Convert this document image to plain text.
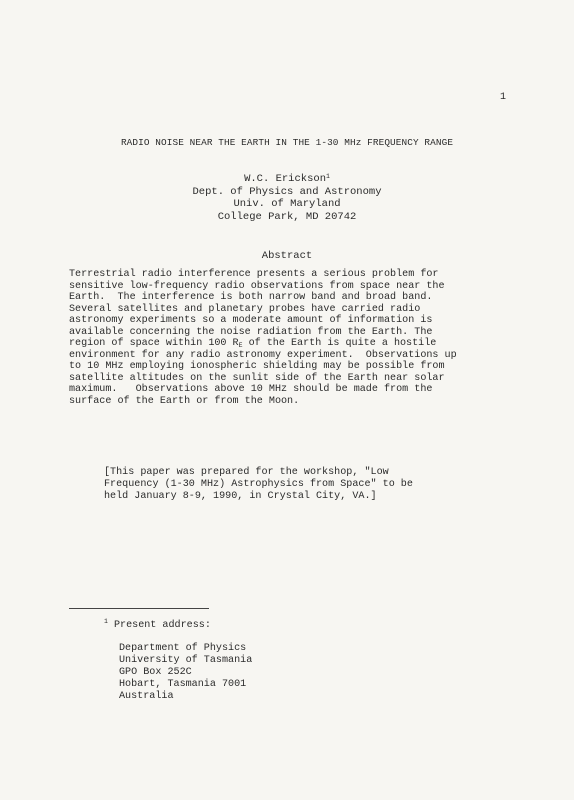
1
RADIO NOISE NEAR THE EARTH IN THE 1-30 MHz FREQUENCY RANGE
W.C. Erickson$^1$
Dept. of Physics and Astronomy
Univ. of Maryland
College Park, MD 20742
Abstract
Terrestrial radio interference presents a serious problem for
sensitive low-frequency radio observations from space near the
Earth.  The interference is both narrow band and broad band.
Several satellites and planetary probes have carried radio
astronomy experiments so a moderate amount of information is
available concerning the noise radiation from the Earth. The
region of space within 100 $R_E$ of the Earth is quite a hostile
environment for any radio astronomy experiment.  Observations up
to 10 MHz employing ionospheric shielding may be possible from
satellite altitudes on the sunlit side of the Earth near solar
maximum.   Observations above 10 MHz should be made from the
surface of the Earth or from the Moon.
[This paper was prepared for the workshop, "Low
Frequency (1-30 MHz) Astrophysics from Space" to be
held January 8-9, 1990, in Crystal City, VA.]
$^1$ Present address:
Department of Physics
University of Tasmania
GPO Box 252C
Hobart, Tasmania 7001
Australia
